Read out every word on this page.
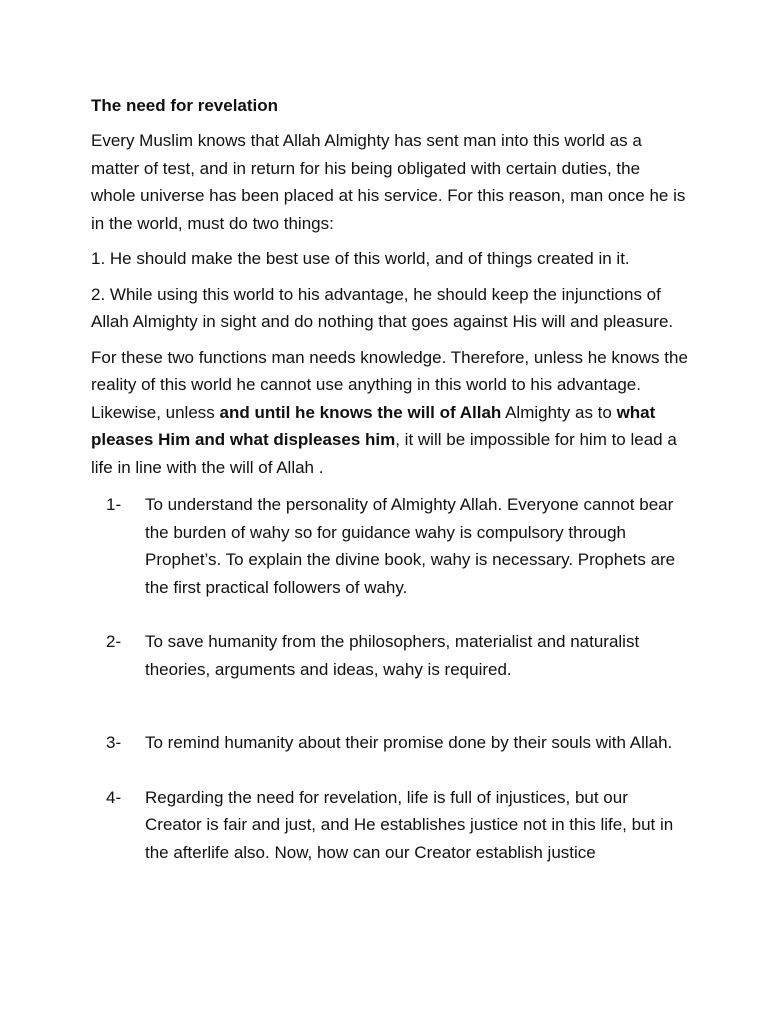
The need for revelation

Every Muslim knows that Allah Almighty has sent man into this world as a matter of test, and in return for his being obligated with certain duties, the whole universe has been placed at his service. For this reason, man once he is in the world, must do two things:

1. He should make the best use of this world, and of things created in it.

2. While using this world to his advantage, he should keep the injunctions of Allah Almighty in sight and do nothing that goes against His will and pleasure.

For these two functions man needs knowledge. Therefore, unless he knows the reality of this world he cannot use anything in this world to his advantage. Likewise, unless and until he knows the will of Allah Almighty as to what pleases Him and what displeases him, it will be impossible for him to lead a life in line with the will of Allah .

1- To understand the personality of Almighty Allah. Everyone cannot bear the burden of wahy so for guidance wahy is compulsory through Prophet’s. To explain the divine book, wahy is necessary. Prophets are the first practical followers of wahy.
2- To save humanity from the philosophers, materialist and naturalist theories, arguments and ideas, wahy is required.
3- To remind humanity about their promise done by their souls with Allah.
4- Regarding the need for revelation, life is full of injustices, but our Creator is fair and just, and He establishes justice not in this life, but in the afterlife also. Now, how can our Creator establish justice
